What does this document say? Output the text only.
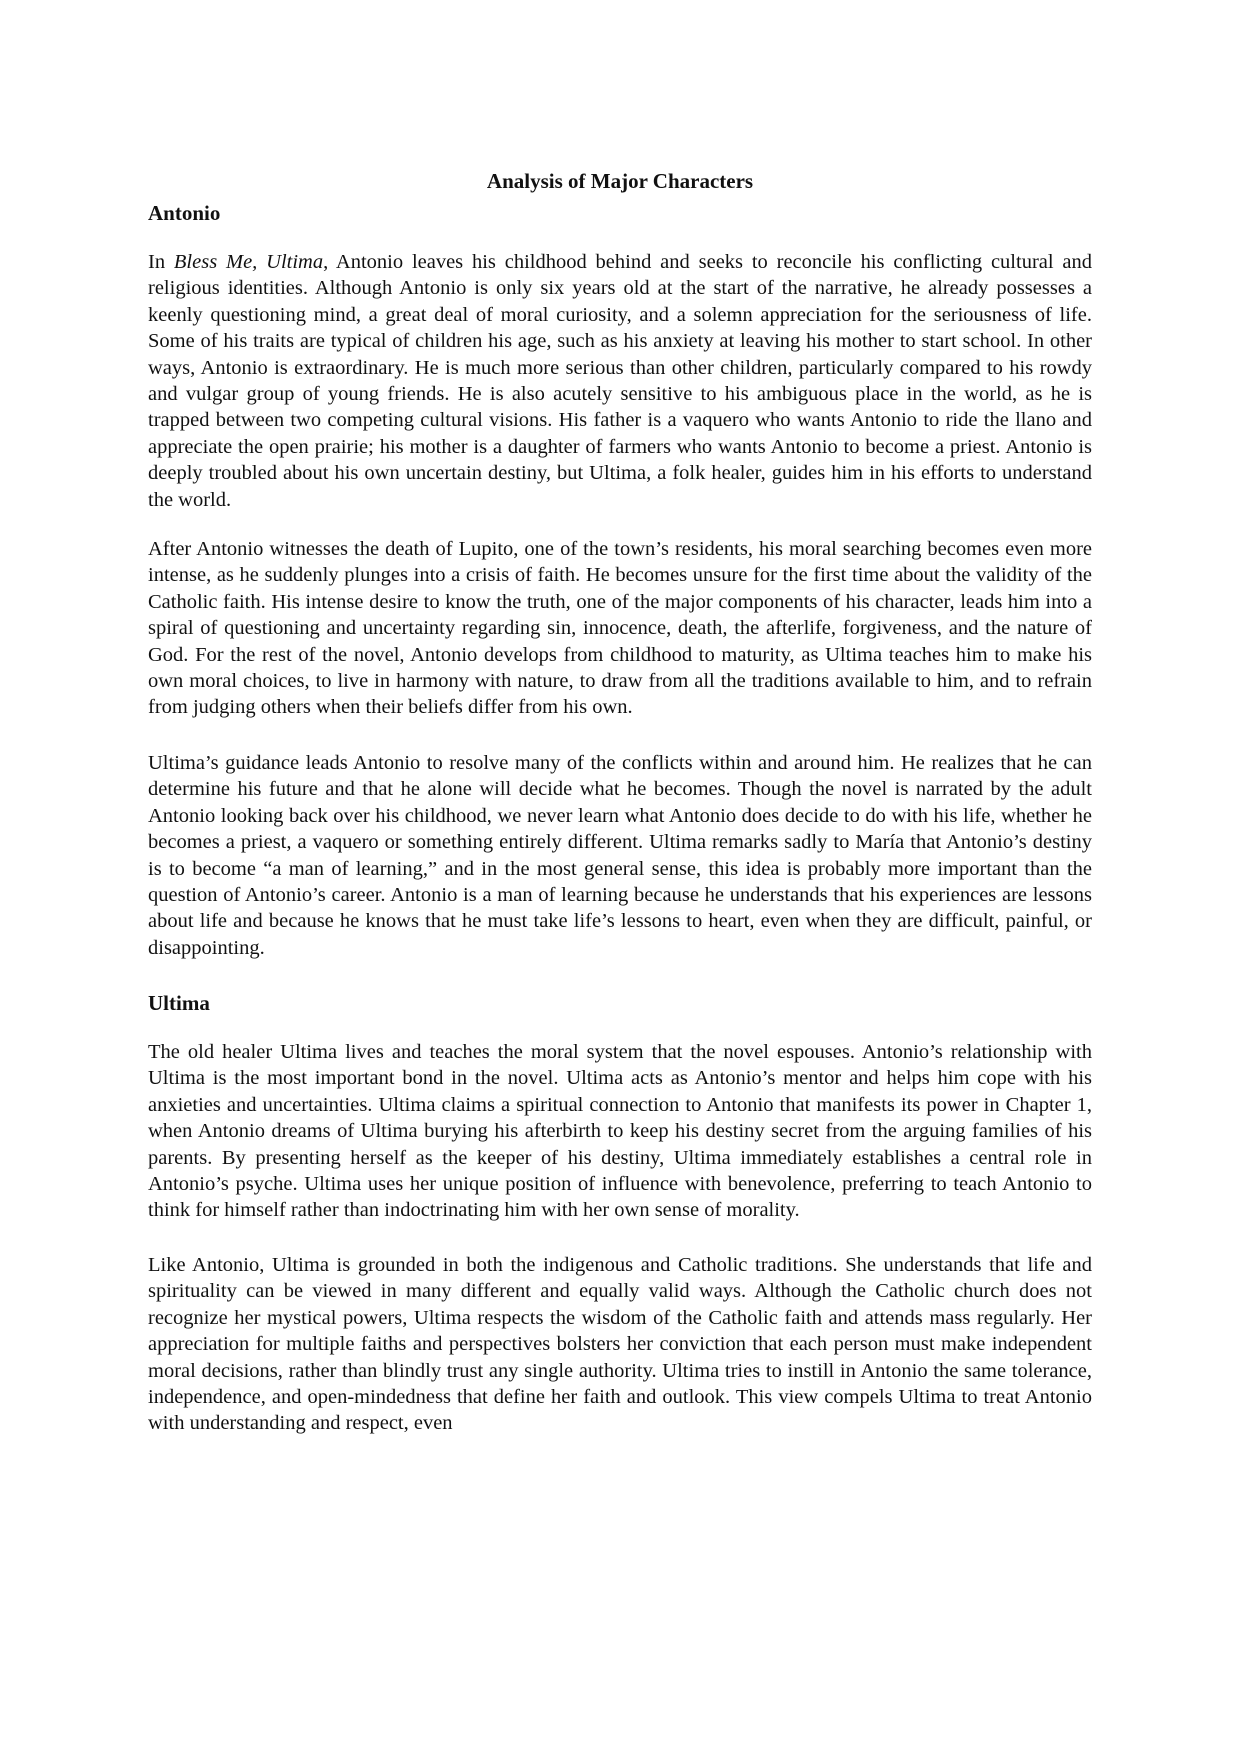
Analysis of Major Characters
Antonio

In Bless Me, Ultima, Antonio leaves his childhood behind and seeks to reconcile his conflicting cultural and religious identities. Although Antonio is only six years old at the start of the narrative, he already possesses a keenly questioning mind, a great deal of moral curiosity, and a solemn appreciation for the seriousness of life. Some of his traits are typical of children his age, such as his anxiety at leaving his mother to start school. In other ways, Antonio is extraordinary. He is much more serious than other children, particularly compared to his rowdy and vulgar group of young friends. He is also acutely sensitive to his ambiguous place in the world, as he is trapped between two competing cultural visions. His father is a vaquero who wants Antonio to ride the llano and appreciate the open prairie; his mother is a daughter of farmers who wants Antonio to become a priest. Antonio is deeply troubled about his own uncertain destiny, but Ultima, a folk healer, guides him in his efforts to understand the world.

After Antonio witnesses the death of Lupito, one of the town’s residents, his moral searching becomes even more intense, as he suddenly plunges into a crisis of faith. He becomes unsure for the first time about the validity of the Catholic faith. His intense desire to know the truth, one of the major components of his character, leads him into a spiral of questioning and uncertainty regarding sin, innocence, death, the afterlife, forgiveness, and the nature of God. For the rest of the novel, Antonio develops from childhood to maturity, as Ultima teaches him to make his own moral choices, to live in harmony with nature, to draw from all the traditions available to him, and to refrain from judging others when their beliefs differ from his own.

Ultima’s guidance leads Antonio to resolve many of the conflicts within and around him. He realizes that he can determine his future and that he alone will decide what he becomes. Though the novel is narrated by the adult Antonio looking back over his childhood, we never learn what Antonio does decide to do with his life, whether he becomes a priest, a vaquero or something entirely different. Ultima remarks sadly to María that Antonio’s destiny is to become “a man of learning,” and in the most general sense, this idea is probably more important than the question of Antonio’s career. Antonio is a man of learning because he understands that his experiences are lessons about life and because he knows that he must take life’s lessons to heart, even when they are difficult, painful, or disappointing.

Ultima

The old healer Ultima lives and teaches the moral system that the novel espouses. Antonio’s relationship with Ultima is the most important bond in the novel. Ultima acts as Antonio’s mentor and helps him cope with his anxieties and uncertainties. Ultima claims a spiritual connection to Antonio that manifests its power in Chapter 1, when Antonio dreams of Ultima burying his afterbirth to keep his destiny secret from the arguing families of his parents. By presenting herself as the keeper of his destiny, Ultima immediately establishes a central role in Antonio’s psyche. Ultima uses her unique position of influence with benevolence, preferring to teach Antonio to think for himself rather than indoctrinating him with her own sense of morality.

Like Antonio, Ultima is grounded in both the indigenous and Catholic traditions. She understands that life and spirituality can be viewed in many different and equally valid ways. Although the Catholic church does not recognize her mystical powers, Ultima respects the wisdom of the Catholic faith and attends mass regularly. Her appreciation for multiple faiths and perspectives bolsters her conviction that each person must make independent moral decisions, rather than blindly trust any single authority. Ultima tries to instill in Antonio the same tolerance, independence, and open-mindedness that define her faith and outlook. This view compels Ultima to treat Antonio with understanding and respect, even
